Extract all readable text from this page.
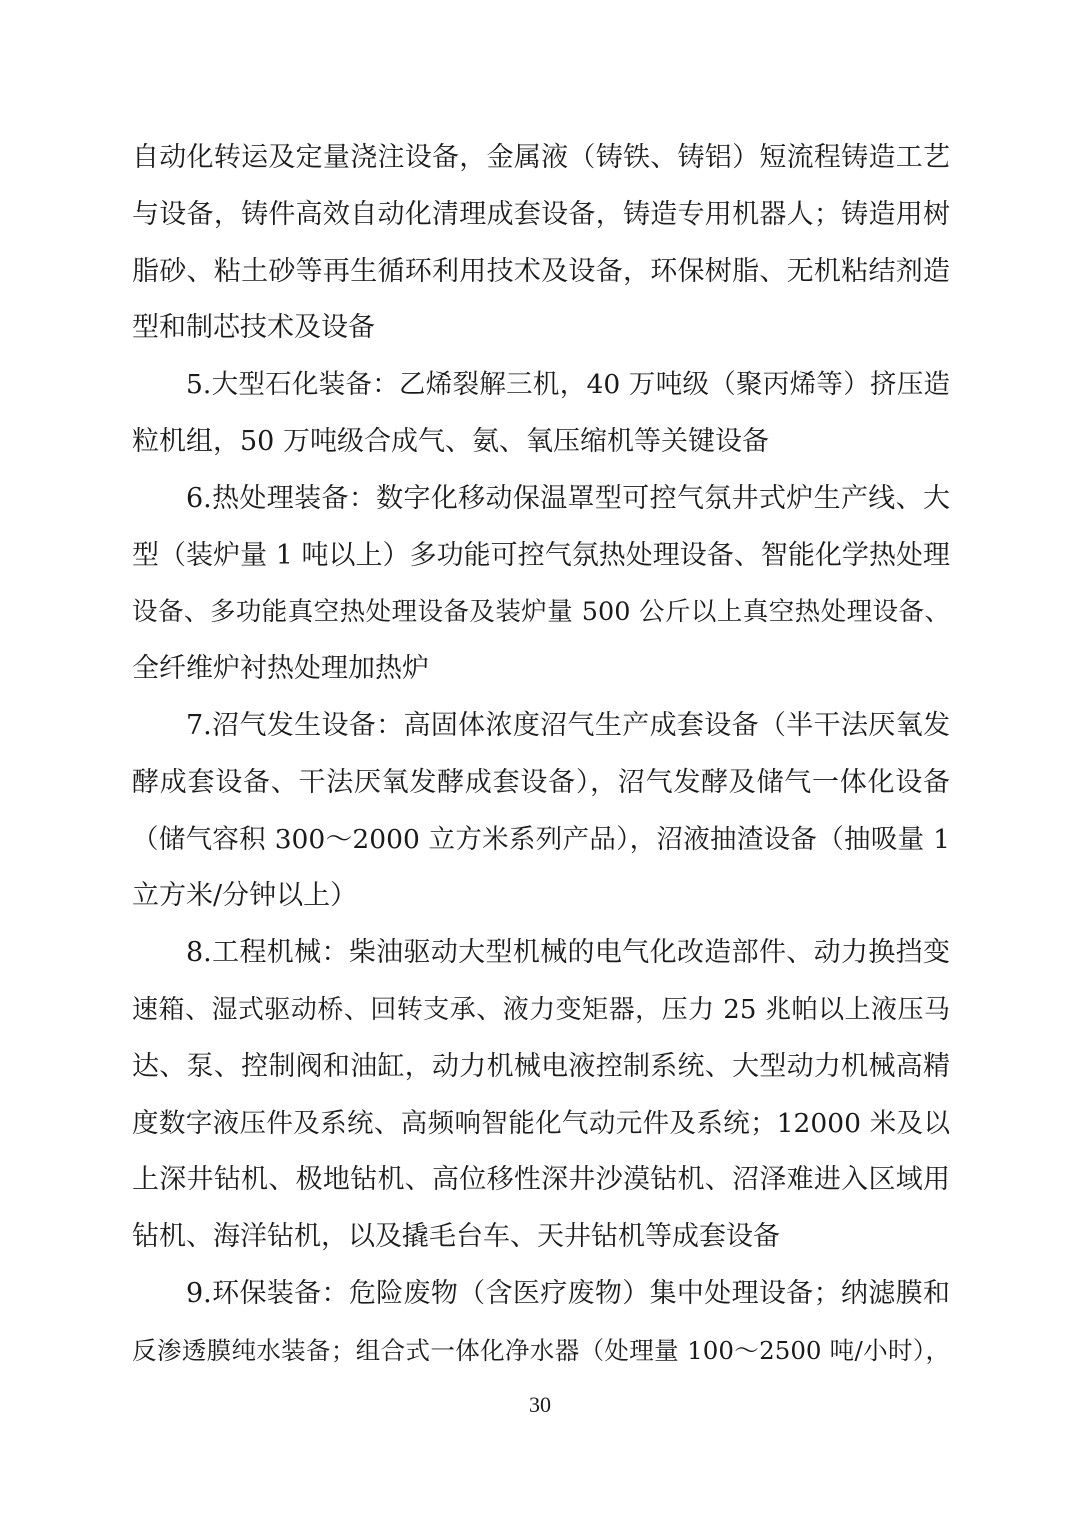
自动化转运及定量浇注设备，金属液（铸铁、铸铝）短流程铸造工艺
与设备，铸件高效自动化清理成套设备，铸造专用机器人；铸造用树
脂砂、粘土砂等再生循环利用技术及设备，环保树脂、无机粘结剂造
型和制芯技术及设备
5.大型石化装备：乙烯裂解三机，40 万吨级（聚丙烯等）挤压造
粒机组，50 万吨级合成气、氨、氧压缩机等关键设备
6.热处理装备：数字化移动保温罩型可控气氛井式炉生产线、大
型（装炉量 1 吨以上）多功能可控气氛热处理设备、智能化学热处理
设备、多功能真空热处理设备及装炉量 500 公斤以上真空热处理设备、
全纤维炉衬热处理加热炉
7.沼气发生设备：高固体浓度沼气生产成套设备（半干法厌氧发
酵成套设备、干法厌氧发酵成套设备），沼气发酵及储气一体化设备
（储气容积 300～2000 立方米系列产品），沼液抽渣设备（抽吸量 1
立方米/分钟以上）
8.工程机械：柴油驱动大型机械的电气化改造部件、动力换挡变
速箱、湿式驱动桥、回转支承、液力变矩器，压力 25 兆帕以上液压马
达、泵、控制阀和油缸，动力机械电液控制系统、大型动力机械高精
度数字液压件及系统、高频响智能化气动元件及系统；12000 米及以
上深井钻机、极地钻机、高位移性深井沙漠钻机、沼泽难进入区域用
钻机、海洋钻机，以及撬毛台车、天井钻机等成套设备
9.环保装备：危险废物（含医疗废物）集中处理设备；纳滤膜和
反渗透膜纯水装备；组合式一体化净水器（处理量 100～2500 吨/小时），
30
